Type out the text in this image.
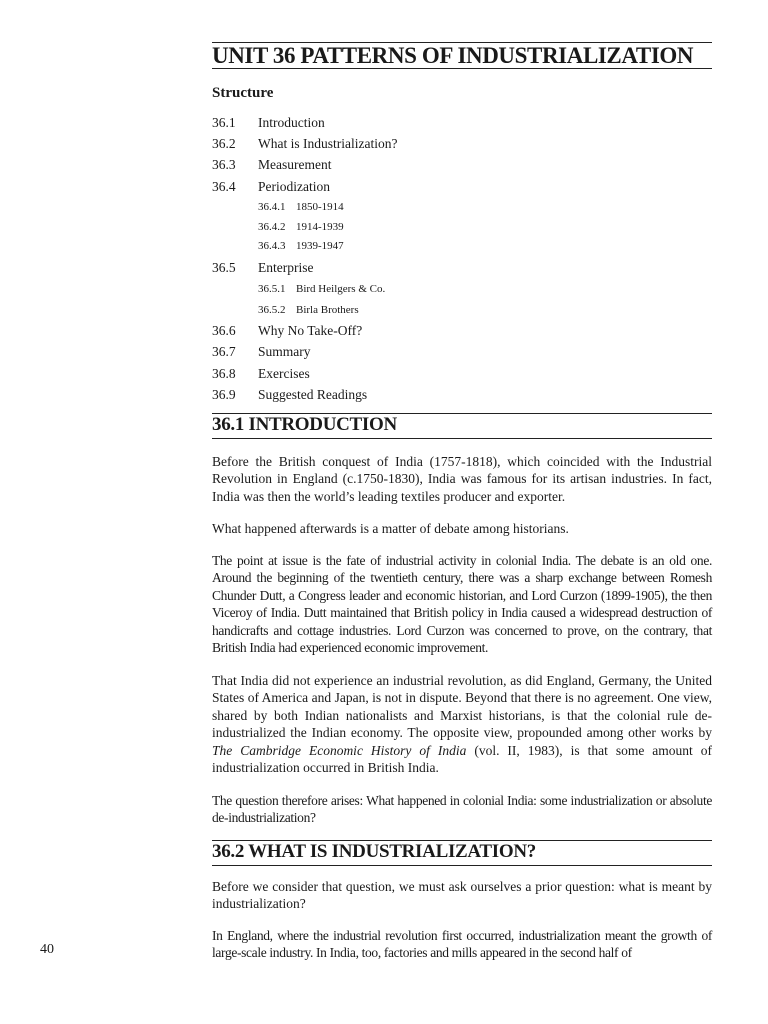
UNIT 36 PATTERNS OF INDUSTRIALIZATION
Structure
36.1 Introduction
36.2 What is Industrialization?
36.3 Measurement
36.4 Periodization
36.4.1 1850-1914
36.4.2 1914-1939
36.4.3 1939-1947
36.5 Enterprise
36.5.1 Bird Heilgers & Co.
36.5.2 Birla Brothers
36.6 Why No Take-Off?
36.7 Summary
36.8 Exercises
36.9 Suggested Readings
36.1 INTRODUCTION

Before the British conquest of India (1757-1818), which coincided with the Industrial Revolution in England (c.1750-1830), India was famous for its artisan industries. In fact, India was then the world’s leading textiles producer and exporter.

What happened afterwards is a matter of debate among historians.

The point at issue is the fate of industrial activity in colonial India. The debate is an old one. Around the beginning of the twentieth century, there was a sharp exchange between Romesh Chunder Dutt, a Congress leader and economic historian, and Lord Curzon (1899-1905), the then Viceroy of India. Dutt maintained that British policy in India caused a widespread destruction of handicrafts and cottage industries. Lord Curzon was concerned to prove, on the contrary, that British India had experienced economic improvement.

That India did not experience an industrial revolution, as did England, Germany, the United States of America and Japan, is not in dispute. Beyond that there is no agreement. One view, shared by both Indian nationalists and Marxist historians, is that the colonial rule de-industrialized the Indian economy. The opposite view, propounded among other works by The Cambridge Economic History of India (vol. II, 1983), is that some amount of industrialization occurred in British India.

The question therefore arises: What happened in colonial India: some industrialization or absolute de-industrialization?

36.2 WHAT IS INDUSTRIALIZATION?

Before we consider that question, we must ask ourselves a prior question: what is meant by industrialization?

In England, where the industrial revolution first occurred, industrialization meant the growth of large-scale industry. In India, too, factories and mills appeared in the second half of

40
